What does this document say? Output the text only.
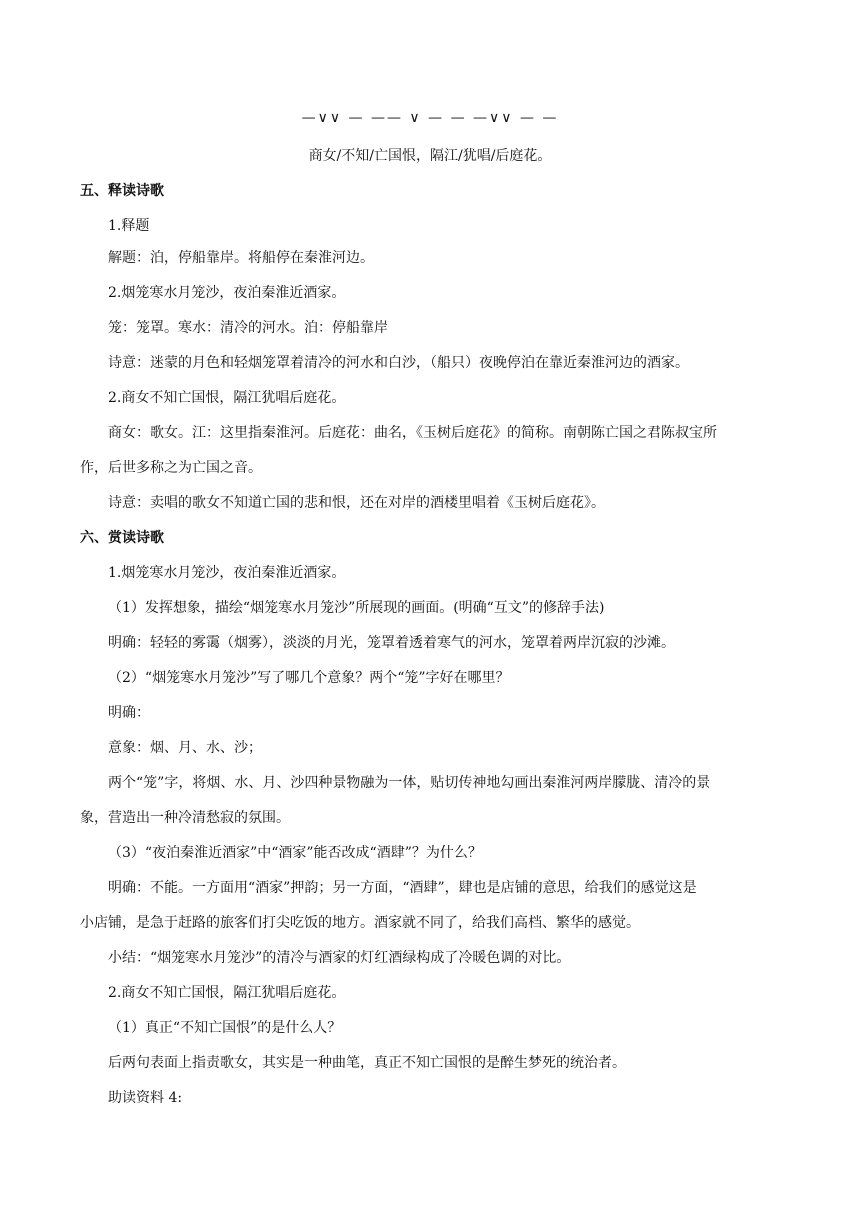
—∨∨ — —— ∨ — — —∨∨ — —
商女/不知/亡国恨，隔江/犹唱/后庭花。
五、释读诗歌
1.释题
解题：泊，停船靠岸。将船停在秦淮河边。
2.烟笼寒水月笼沙，夜泊秦淮近酒家。
笼：笼罩。寒水：清冷的河水。泊：停船靠岸
诗意：迷蒙的月色和轻烟笼罩着清冷的河水和白沙，（船只）夜晚停泊在靠近秦淮河边的酒家。
2.商女不知亡国恨，隔江犹唱后庭花。
商女：歌女。江：这里指秦淮河。后庭花：曲名，《玉树后庭花》的简称。南朝陈亡国之君陈叔宝所
作，后世多称之为亡国之音。
诗意：卖唱的歌女不知道亡国的悲和恨，还在对岸的酒楼里唱着《玉树后庭花》。
六、赏读诗歌
1.烟笼寒水月笼沙，夜泊秦淮近酒家。
（1）发挥想象，描绘“烟笼寒水月笼沙”所展现的画面。(明确“互文”的修辞手法)
明确：轻轻的雾霭（烟雾），淡淡的月光，笼罩着透着寒气的河水，笼罩着两岸沉寂的沙滩。
（2）“烟笼寒水月笼沙”写了哪几个意象？两个“笼”字好在哪里？
明确：
意象：烟、月、水、沙；
两个“笼”字，将烟、水、月、沙四种景物融为一体，贴切传神地勾画出秦淮河两岸朦胧、清冷的景
象，营造出一种冷清愁寂的氛围。
（3）“夜泊秦淮近酒家”中“酒家”能否改成“酒肆”？为什么？
明确：不能。一方面用“酒家”押韵；另一方面，“酒肆”，肆也是店铺的意思，给我们的感觉这是
小店铺，是急于赶路的旅客们打尖吃饭的地方。酒家就不同了，给我们高档、繁华的感觉。
小结：“烟笼寒水月笼沙”的清冷与酒家的灯红酒绿构成了冷暖色调的对比。
2.商女不知亡国恨，隔江犹唱后庭花。
（1）真正“不知亡国恨”的是什么人？
后两句表面上指责歌女，其实是一种曲笔，真正不知亡国恨的是醉生梦死的统治者。
助读资料 4:
